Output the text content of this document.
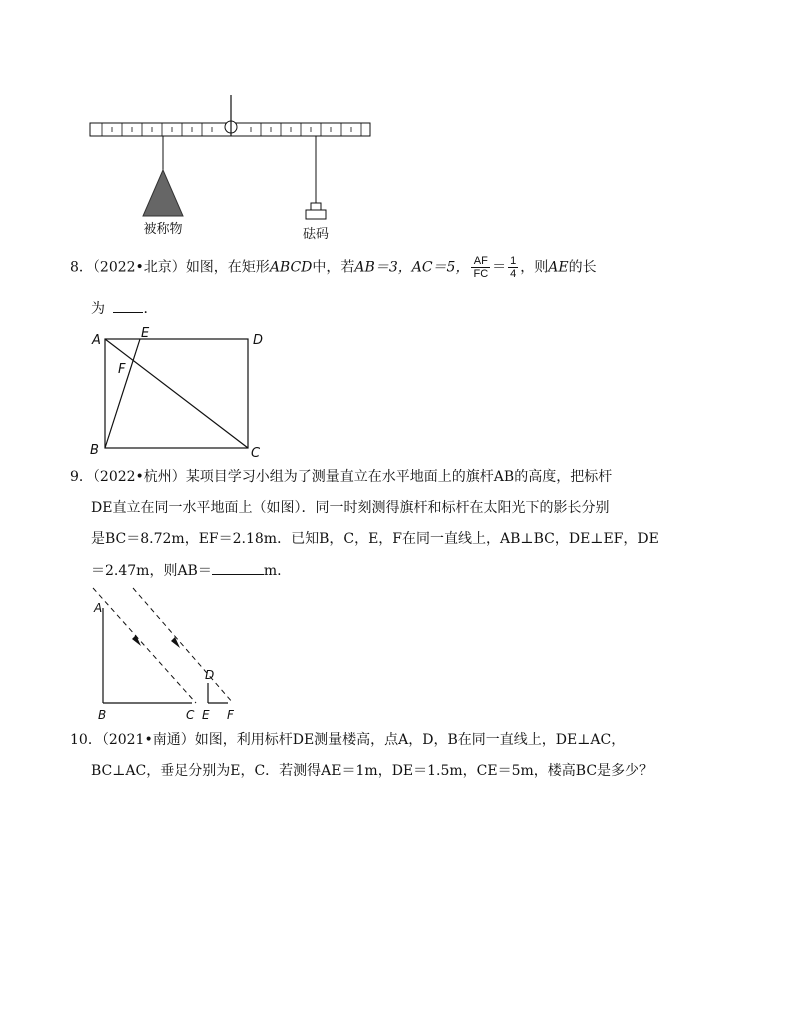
被称物	砝码
8．（2022•北京）如图，在矩形ABCD中，若AB＝3，AC＝5， $\frac{AF}{FC} = \frac{1}{4}$ ，则AE的长
为	．
A	E	D
F
B	C
9．（2022•杭州）某项目学习小组为了测量直立在水平地面上的旗杆AB的高度，把标杆
DE直立在同一水平地面上（如图）．同一时刻测得旗杆和标杆在太阳光下的影长分别
是BC＝8.72m，EF＝2.18m．已知B，C，E，F在同一直线上，AB⊥BC，DE⊥EF，DE
＝2.47m，则AB＝	m.
A
B	C
D
E F
10．（2021•南通）如图，利用标杆DE测量楼高，点A，D，B在同一直线上，DE⊥AC，
BC⊥AC，垂足分别为E，C．若测得AE＝1m，DE＝1.5m，CE＝5m，楼高BC是多少？
